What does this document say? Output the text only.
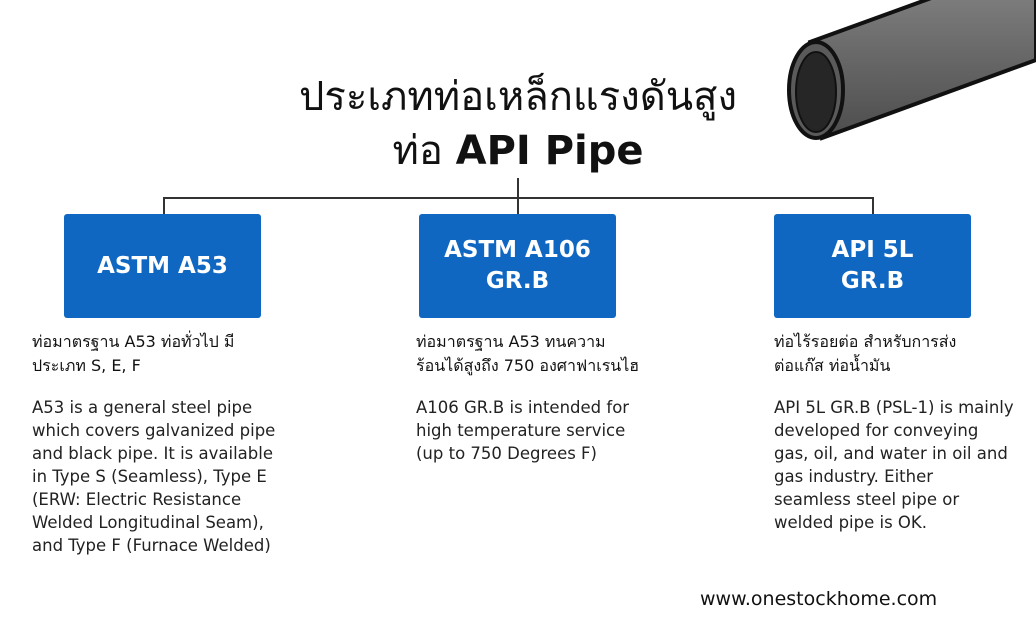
ประเภทท่อเหล็กแรงดันสูง
ท่อ API Pipe
ASTM A53
ASTM A106
GR.B
API 5L
GR.B

ท่อมาตรฐาน A53 ท่อทั่วไป มี
ประเภท S, E, F

A53 is a general steel pipe which covers galvanized pipe and black pipe. It is available in Type S (Seamless), Type E (ERW: Electric Resistance Welded Longitudinal Seam), and Type F (Furnace Welded)

ท่อมาตรฐาน A53 ทนความ
ร้อนได้สูงถึง 750 องศาฟาเรนไฮ

A106 GR.B is intended for high temperature service (up to 750 Degrees F)

ท่อไร้รอยต่อ สำหรับการส่ง
ต่อแก๊ส ท่อน้ำมัน

API 5L GR.B (PSL-1) is mainly developed for conveying gas, oil, and water in oil and gas industry. Either seamless steel pipe or welded pipe is OK.

www.onestockhome.com
